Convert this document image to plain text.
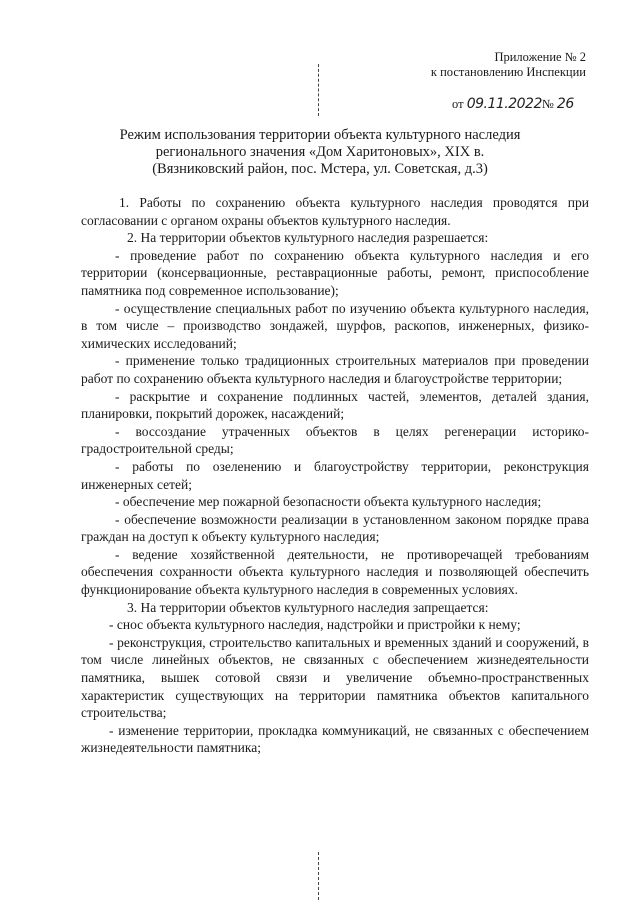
Приложение № 2
к постановлению Инспекции
от 09.11.2022№ 26
Режим использования территории объекта культурного наследия
регионального значения «Дом Харитоновых», XIX в.
(Вязниковский район, пос. Мстера, ул. Советская, д.3)

1. Работы по сохранению объекта культурного наследия проводятся при согласовании с органом охраны объектов культурного наследия.

2. На территории объектов культурного наследия разрешается:

- проведение работ по сохранению объекта культурного наследия и его территории (консервационные, реставрационные работы, ремонт, приспособление памятника под современное использование);

- осуществление специальных работ по изучению объекта культурного наследия, в том числе – производство зондажей, шурфов, раскопов, инженерных, физико-химических исследований;

- применение только традиционных строительных материалов при проведении работ по сохранению объекта культурного наследия и благоустройстве территории;

- раскрытие и сохранение подлинных частей, элементов, деталей здания, планировки, покрытий дорожек, насаждений;

- воссоздание утраченных объектов в целях регенерации историко-градостроительной среды;

- работы по озеленению и благоустройству территории, реконструкция инженерных сетей;

- обеспечение мер пожарной безопасности объекта культурного наследия;

- обеспечение возможности реализации в установленном законом порядке права граждан на доступ к объекту культурного наследия;

- ведение хозяйственной деятельности, не противоречащей требованиям обеспечения сохранности объекта культурного наследия и позволяющей обеспечить функционирование объекта культурного наследия в современных условиях.

3. На территории объектов культурного наследия запрещается:

- снос объекта культурного наследия, надстройки и пристройки к нему;

- реконструкция, строительство капитальных и временных зданий и сооружений, в том числе линейных объектов, не связанных с обеспечением жизнедеятельности памятника, вышек сотовой связи и увеличение объемно-пространственных характеристик существующих на территории памятника объектов капитального строительства;

- изменение территории, прокладка коммуникаций, не связанных с обеспечением жизнедеятельности памятника;
